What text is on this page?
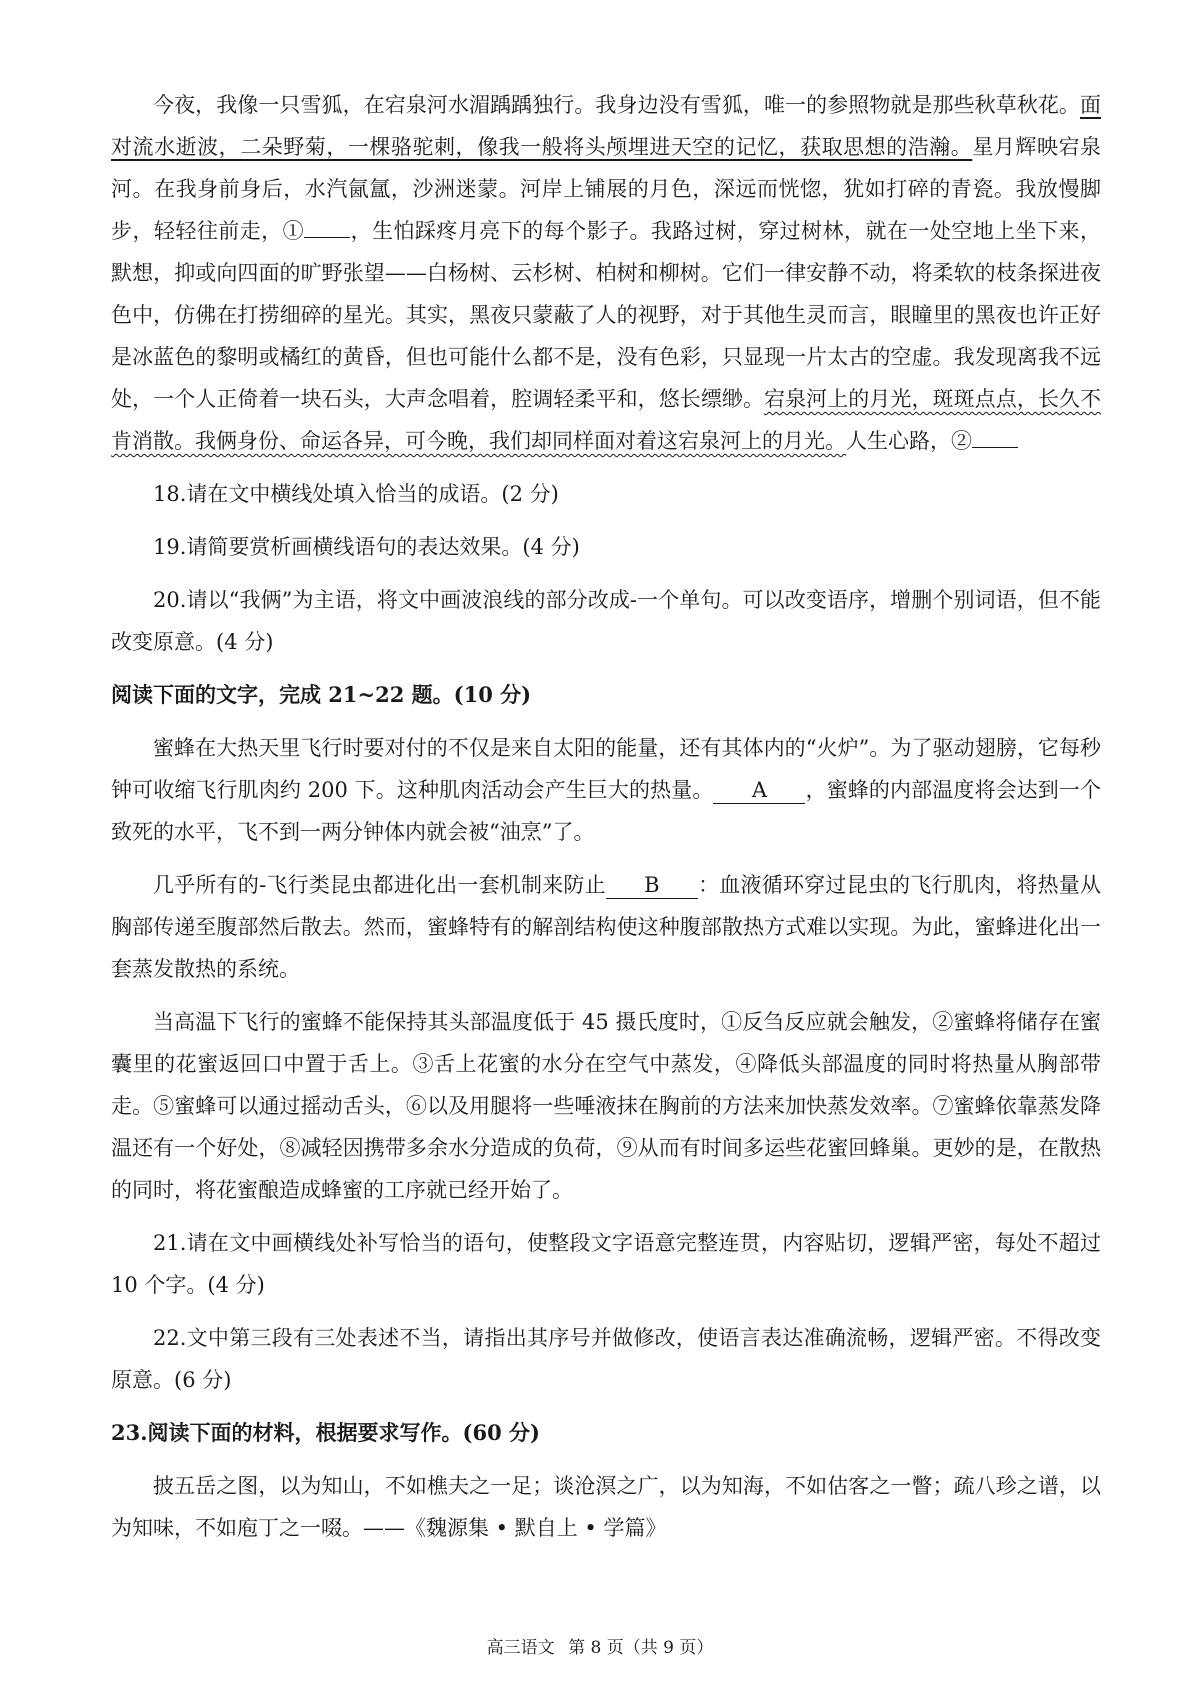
今夜，我像一只雪狐，在宕泉河水湄踽踽独行。我身边没有雪狐，唯一的参照物就是那些秋草秋花。面对流水逝波，二朵野菊，一棵骆驼刺，像我一般将头颅埋进天空的记忆，获取思想的浩瀚。星月辉映宕泉河。在我身前身后，水汽氤氲，沙洲迷蒙。河岸上铺展的月色，深远而恍惚，犹如打碎的青瓷。我放慢脚步，轻轻往前走，① ，生怕踩疼月亮下的每个影子。我路过树，穿过树林，就在一处空地上坐下来，默想，抑或向四面的旷野张望——白杨树、云杉树、柏树和柳树。它们一律安静不动，将柔软的枝条探进夜色中，仿佛在打捞细碎的星光。其实，黑夜只蒙蔽了人的视野，对于其他生灵而言，眼瞳里的黑夜也许正好是冰蓝色的黎明或橘红的黄昏，但也可能什么都不是，没有色彩，只显现一片太古的空虚。我发现离我不远处，一个人正倚着一块石头，大声念唱着，腔调轻柔平和，悠长缥缈。宕泉河上的月光，斑斑点点，长久不肯消散。我俩身份、命运各异，可今晚，我们却同样面对着这宕泉河上的月光。人生心路，②

18.请在文中横线处填入恰当的成语。(2 分)

19.请简要赏析画横线语句的表达效果。(4 分)

20.请以“我俩”为主语，将文中画波浪线的部分改成-一个单句。可以改变语序，增删个别词语，但不能改变原意。(4 分)

阅读下面的文字，完成 21~22 题。(10 分)

蜜蜂在大热天里飞行时要对付的不仅是来自太阳的能量，还有其体内的“火炉”。为了驱动翅膀，它每秒钟可收缩飞行肌肉约 200 下。这种肌肉活动会产生巨大的热量。 A ，蜜蜂的内部温度将会达到一个致死的水平，飞不到一两分钟体内就会被“油烹”了。

几乎所有的-飞行类昆虫都进化出一套机制来防止 B ：血液循环穿过昆虫的飞行肌肉，将热量从胸部传递至腹部然后散去。然而，蜜蜂特有的解剖结构使这种腹部散热方式难以实现。为此，蜜蜂进化出一套蒸发散热的系统。

当高温下飞行的蜜蜂不能保持其头部温度低于 45 摄氏度时，①反刍反应就会触发，②蜜蜂将储存在蜜囊里的花蜜返回口中置于舌上。③舌上花蜜的水分在空气中蒸发，④降低头部温度的同时将热量从胸部带走。⑤蜜蜂可以通过摇动舌头，⑥以及用腿将一些唾液抹在胸前的方法来加快蒸发效率。⑦蜜蜂依靠蒸发降温还有一个好处，⑧减轻因携带多余水分造成的负荷，⑨从而有时间多运些花蜜回蜂巢。更妙的是，在散热的同时，将花蜜酿造成蜂蜜的工序就已经开始了。

21.请在文中画横线处补写恰当的语句，使整段文字语意完整连贯，内容贴切，逻辑严密，每处不超过 10 个字。(4 分)

22.文中第三段有三处表述不当，请指出其序号并做修改，使语言表达准确流畅，逻辑严密。不得改变原意。(6 分)

23.阅读下面的材料，根据要求写作。(60 分)

披五岳之图，以为知山，不如樵夫之一足；谈沧溟之广，以为知海，不如估客之一瞥；疏八珍之谱，以为知味，不如庖丁之一啜。——《魏源集 • 默自上 • 学篇》

高三语文 第 8 页（共 9 页）
